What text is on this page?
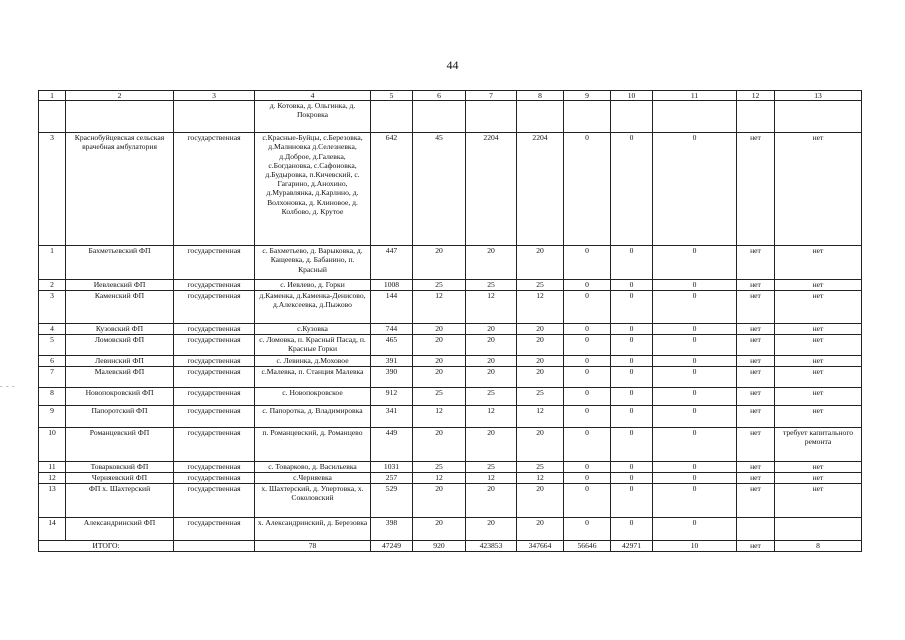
44
- - -
1	2	3	4	5	6	7	8	9	10	11	12	13
			д. Котовка, д. Ольгинка, д. Покровка									
3	Краснобуйцевская сельская врачебная амбулатория	государственная	с.Красные-Буйцы, с.Березовка, д.Малиновка д.Селезневка, д.Доброе, д.Галевка, с.Богдановка, с.Сафоновка, д.Будыровка, п.Кичевский, с. Гагарино, д.Анохино, д.Муравлянка, д.Карлино, д. Волхоновка, д. Клиновое, д. Колбово, д. Крутое	642	45	2204	2204	0	0	0	нет	нет
1	Бахметьевский ФП	государственная	с. Бахметьево, д. Варыковка, д. Кащеевка, д. Бабанино, п. Красный	447	20	20	20	0	0	0	нет	нет
2	Иевлевский ФП	государственная	с. Иевлево, д. Горки	1008	25	25	25	0	0	0	нет	нет
3	Каменский ФП	государственная	д.Каменка, д.Каменка-Денисово, д.Алексеевка, д.Пыжово	144	12	12	12	0	0	0	нет	нет
4	Кузовский ФП	государственная	с.Кузовка	744	20	20	20	0	0	0	нет	нет
5	Ломовский ФП	государственная	с. Ломовка, п. Красный Пасад, п. Красные Горки	465	20	20	20	0	0	0	нет	нет
6	Левинский ФП	государственная	с. Левинка, д.Моховое	391	20	20	20	0	0	0	нет	нет
7	Малевский ФП	государственная	с.Малевка, п. Станция Малевка	390	20	20	20	0	0	0	нет	нет
8	Новопокровский ФП	государственная	с. Новопокровское	912	25	25	25	0	0	0	нет	нет
9	Папоротский ФП	государственная	с. Папоротка, д. Владимировка	341	12	12	12	0	0	0	нет	нет
10	Романцевский ФП	государственная	п. Романцевский, д. Романцево	449	20	20	20	0	0	0	нет	требует капитального ремонта
11	Товарковский ФП	государственная	с. Товарково, д. Васильевка	1031	25	25	25	0	0	0	нет	нет
12	Черняевский ФП	государственная	с.Черняевка	257	12	12	12	0	0	0	нет	нет
13	ФП х. Шахтерский	государственная	х. Шахтерский, д. Упертовка, х. Соколовский	529	20	20	20	0	0	0	нет	нет
14	Александринский ФП	государственная	х. Александринский, д. Березовка	398	20	20	20	0	0	0		
ИТОГО:			78	47249	920	423853	347664	56646	42971	10	нет	8
